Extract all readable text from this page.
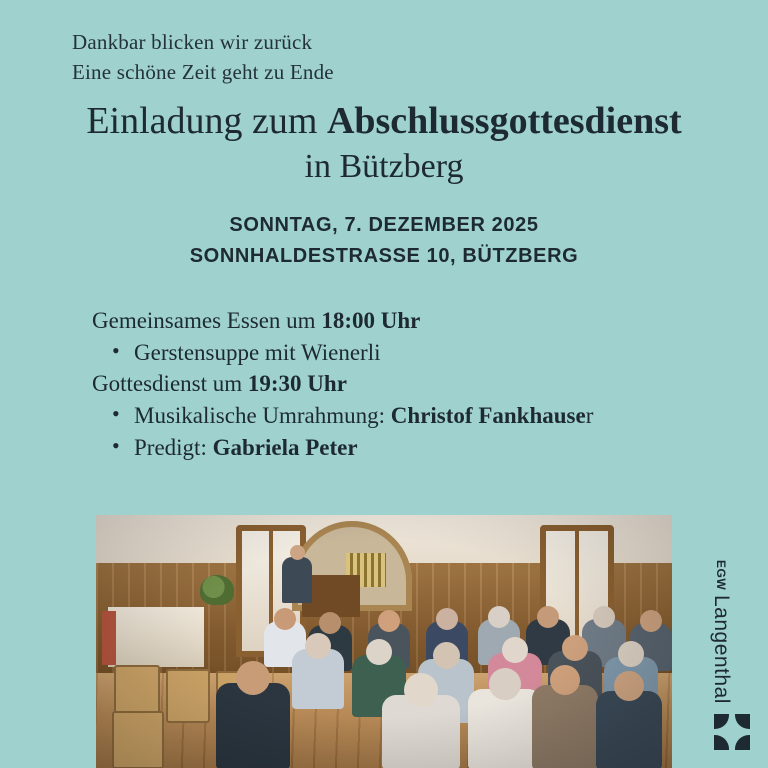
Dankbar blicken wir zurück
Eine schöne Zeit geht zu Ende
Einladung zum Abschlussgottesdienst
in Bützberg
SONNTAG, 7. DEZEMBER 2025
SONNHALDESTRASSE 10, BÜTZBERG
Gemeinsames Essen um 18:00 Uhr
• Gerstensuppe mit Wienerli
Gottesdienst um 19:30 Uhr
• Musikalische Umrahmung: Christof Fankhauser
• Predigt: Gabriela Peter
EGW Langenthal
